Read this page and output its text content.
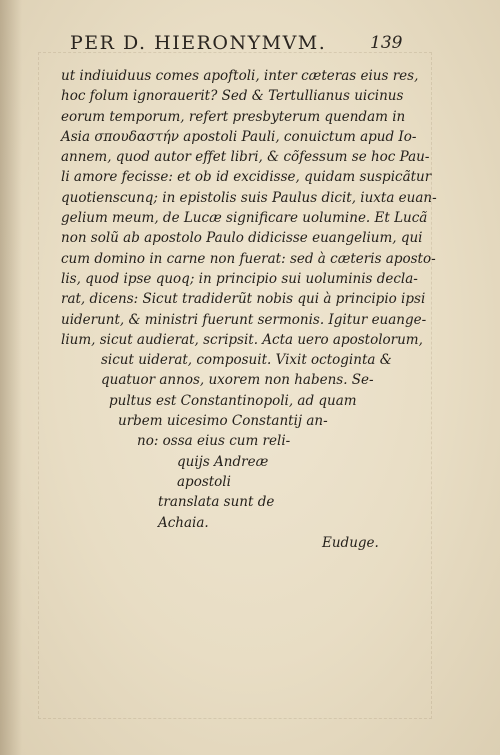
PER D. HIERONYMVM.	139
ut indiuiduus comes apoftoli, inter cæteras eius res,
hoc folum ignorauerit? Sed & Tertullianus uicinus
eorum temporum, refert presbyterum quendam in
Asia σπουδαστήν apostoli Pauli, conuictum apud Io-
annem, quod autor effet libri, & cõfessum se hoc Pau-
li amore fecisse: et ob id excidisse, quidam suspicãtur
quotienscunq; in epistolis suis Paulus dicit, iuxta euan-
gelium meum, de Lucæ significare uolumine. Et Lucã
non solũ ab apostolo Paulo didicisse euangelium, qui
cum domino in carne non fuerat: sed à cæteris aposto-
lis, quod ipse quoq; in principio sui uoluminis decla-
rat, dicens: Sicut tradiderũt nobis qui à principio ipsi
uiderunt, & ministri fuerunt sermonis. Igitur euange-
lium, sicut audierat, scripsit. Acta uero apostolorum,
sicut uiderat, composuit. Vixit octoginta &
quatuor annos, uxorem non habens. Se-
pultus est Constantinopoli, ad quam
urbem uicesimo Constantij an-
no: ossa eius cum reli-
quijs Andreæ
apostoli
translata sunt de
Achaia.
Euduge.
